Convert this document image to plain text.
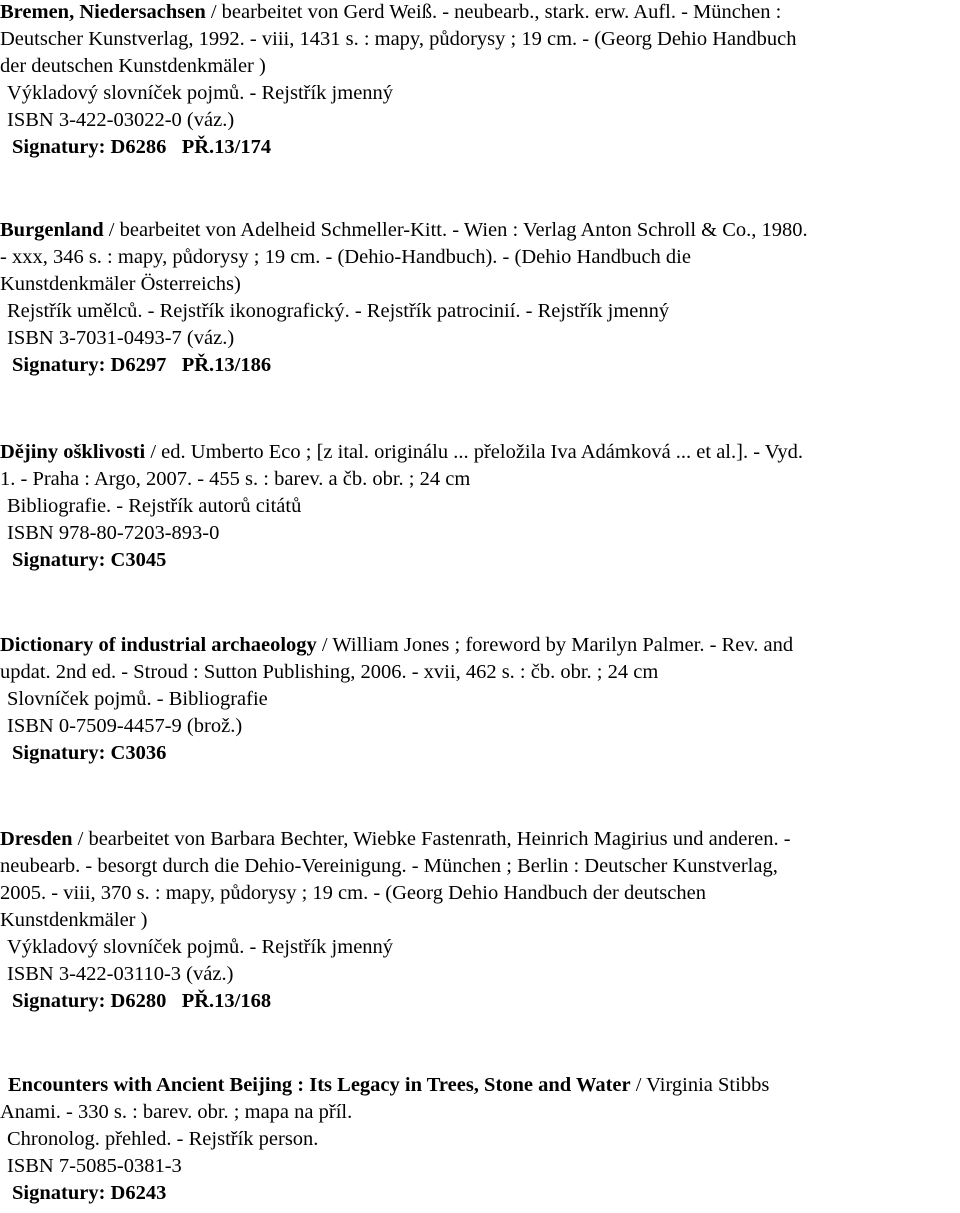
Bremen, Niedersachsen / bearbeitet von Gerd Weiß. - neubearb., stark. erw. Aufl. - München :
Deutscher Kunstverlag, 1992. - viii, 1431 s. : mapy, půdorysy ; 19 cm. - (Georg Dehio Handbuch
der deutschen Kunstdenkmäler )
Výkladový slovníček pojmů. - Rejstřík jmenný
ISBN 3-422-03022-0 (váz.)
Signatury: D6286   PŘ.13/174
Burgenland / bearbeitet von Adelheid Schmeller-Kitt. - Wien : Verlag Anton Schroll & Co., 1980.
- xxx, 346 s. : mapy, půdorysy ; 19 cm. - (Dehio-Handbuch). - (Dehio Handbuch die
Kunstdenkmäler Österreichs)
Rejstřík umělců. - Rejstřík ikonografický. - Rejstřík patrocinií. - Rejstřík jmenný
ISBN 3-7031-0493-7 (váz.)
Signatury: D6297   PŘ.13/186
Dějiny ošklivosti / ed. Umberto Eco ; [z ital. originálu ... přeložila Iva Adámková ... et al.]. - Vyd.
1. - Praha : Argo, 2007. - 455 s. : barev. a čb. obr. ; 24 cm
Bibliografie. - Rejstřík autorů citátů
ISBN 978-80-7203-893-0
Signatury: C3045
Dictionary of industrial archaeology / William Jones ; foreword by Marilyn Palmer. - Rev. and
updat. 2nd ed. - Stroud : Sutton Publishing, 2006. - xvii, 462 s. : čb. obr. ; 24 cm
Slovníček pojmů. - Bibliografie
ISBN 0-7509-4457-9 (brož.)
Signatury: C3036
Dresden / bearbeitet von Barbara Bechter, Wiebke Fastenrath, Heinrich Magirius und anderen. -
neubearb. - besorgt durch die Dehio-Vereinigung. - München ; Berlin : Deutscher Kunstverlag,
2005. - viii, 370 s. : mapy, půdorysy ; 19 cm. - (Georg Dehio Handbuch der deutschen
Kunstdenkmäler )
Výkladový slovníček pojmů. - Rejstřík jmenný
ISBN 3-422-03110-3 (váz.)
Signatury: D6280   PŘ.13/168
Encounters with Ancient Beijing : Its Legacy in Trees, Stone and Water / Virginia Stibbs
Anami. - 330 s. : barev. obr. ; mapa na příl.
Chronolog. přehled. - Rejstřík person.
ISBN 7-5085-0381-3
Signatury: D6243
